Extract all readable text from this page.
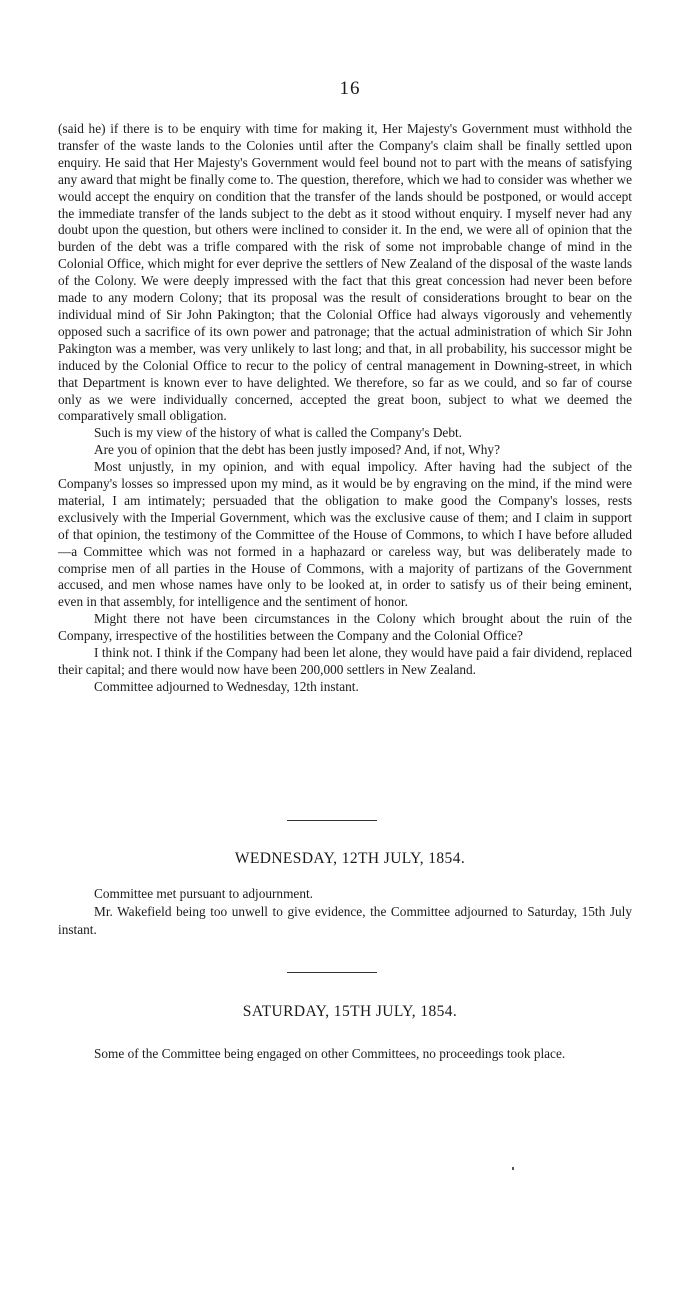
16

(said he) if there is to be enquiry with time for making it, Her Majesty's Government must withhold the transfer of the waste lands to the Colonies until after the Company's claim shall be finally settled upon enquiry. He said that Her Majesty's Government would feel bound not to part with the means of satisfying any award that might be finally come to. The question, therefore, which we had to consider was whether we would accept the enquiry on condition that the transfer of the lands should be postponed, or would accept the immediate transfer of the lands subject to the debt as it stood without enquiry. I myself never had any doubt upon the question, but others were inclined to consider it. In the end, we were all of opinion that the burden of the debt was a trifle compared with the risk of some not improbable change of mind in the Colonial Office, which might for ever deprive the settlers of New Zealand of the disposal of the waste lands of the Colony. We were deeply impressed with the fact that this great concession had never been before made to any modern Colony; that its proposal was the result of considerations brought to bear on the individual mind of Sir John Pakington; that the Colonial Office had always vigorously and vehemently opposed such a sacrifice of its own power and patronage; that the actual administration of which Sir John Pakington was a member, was very unlikely to last long; and that, in all probability, his successor might be induced by the Colonial Office to recur to the policy of central management in Downing-street, in which that Department is known ever to have delighted. We therefore, so far as we could, and so far of course only as we were individually concerned, accepted the great boon, subject to what we deemed the comparatively small obligation.

Such is my view of the history of what is called the Company's Debt.

Are you of opinion that the debt has been justly imposed? And, if not, Why?

Most unjustly, in my opinion, and with equal impolicy. After having had the subject of the Company's losses so impressed upon my mind, as it would be by engraving on the mind, if the mind were material, I am intimately; persuaded that the obligation to make good the Company's losses, rests exclusively with the Imperial Government, which was the exclusive cause of them; and I claim in support of that opinion, the testimony of the Committee of the House of Commons, to which I have before alluded—a Committee which was not formed in a haphazard or careless way, but was deliberately made to comprise men of all parties in the House of Commons, with a majority of partizans of the Government accused, and men whose names have only to be looked at, in order to satisfy us of their being eminent, even in that assembly, for intelligence and the sentiment of honor.

Might there not have been circumstances in the Colony which brought about the ruin of the Company, irrespective of the hostilities between the Company and the Colonial Office?

I think not. I think if the Company had been let alone, they would have paid a fair dividend, replaced their capital; and there would now have been 200,000 settlers in New Zealand.

Committee adjourned to Wednesday, 12th instant.

WEDNESDAY, 12TH JULY, 1854.

Committee met pursuant to adjournment.

Mr. Wakefield being too unwell to give evidence, the Committee adjourned to Saturday, 15th July instant.

SATURDAY, 15TH JULY, 1854.

Some of the Committee being engaged on other Committees, no proceedings took place.
